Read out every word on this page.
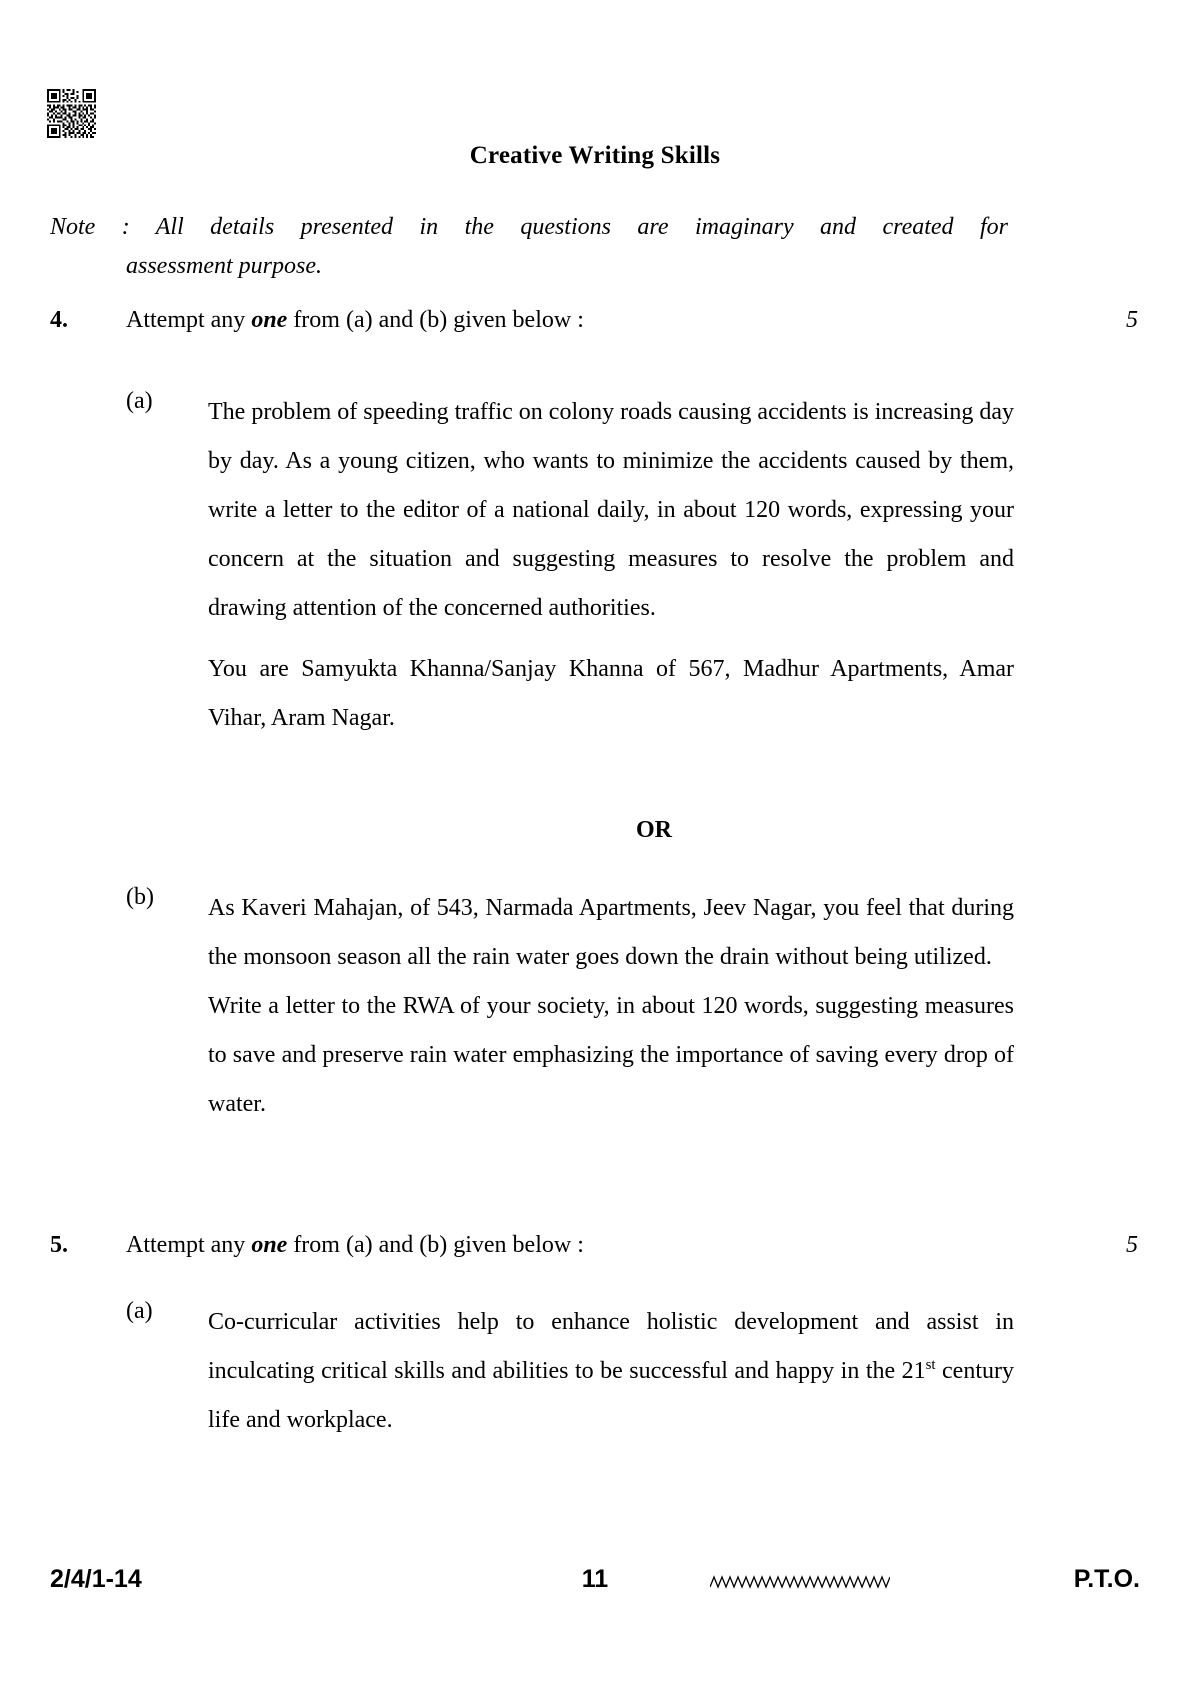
Creative Writing Skills
Note : All details presented in the questions are imaginary and created for
assessment purpose.
4.	Attempt any one from (a) and (b) given below :	5
(a)	The problem of speeding traffic on colony roads causing accidents is increasing day by day. As a young citizen, who wants to minimize the accidents caused by them, write a letter to the editor of a national daily, in about 120 words, expressing your concern at the situation and suggesting measures to resolve the problem and drawing attention of the concerned authorities.

You are Samyukta Khanna/Sanjay Khanna of 567, Madhur Apartments, Amar Vihar, Aram Nagar.

OR
(b)	As Kaveri Mahajan, of 543, Narmada Apartments, Jeev Nagar, you feel that during the monsoon season all the rain water goes down the drain without being utilized.

Write a letter to the RWA of your society, in about 120 words, suggesting measures to save and preserve rain water emphasizing the importance of saving every drop of water.

5.	Attempt any one from (a) and (b) given below :	5
(a)	Co-curricular activities help to enhance holistic development and assist in inculcating critical skills and abilities to be successful and happy in the 21st century life and workplace.

2/4/1-14	11	P.T.O.
